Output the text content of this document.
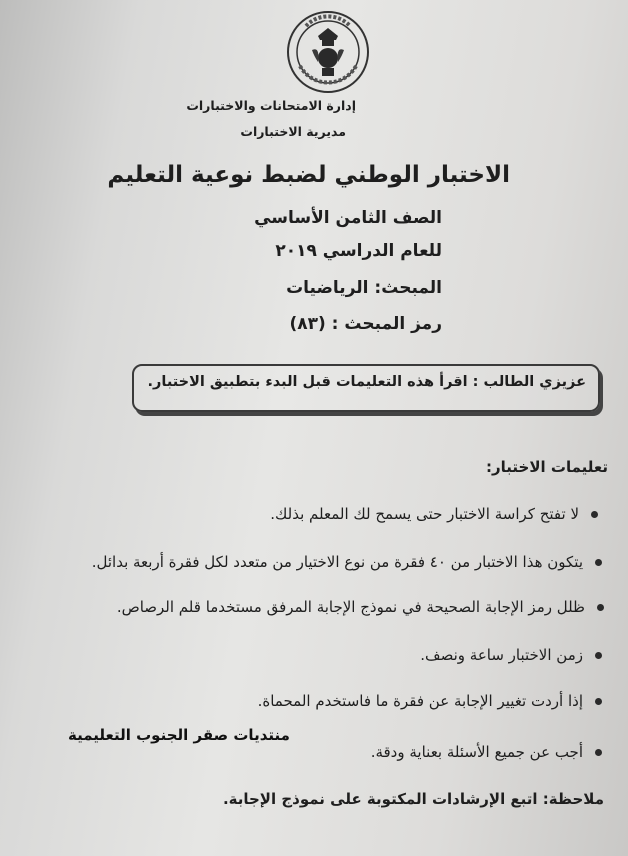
إدارة الامتحانات والاختبارات
مديرية الاختبارات
الاختبار الوطني لضبط نوعية التعليم
الصف الثامن الأساسي
للعام الدراسي ٢٠١٩
المبحث: الرياضيات
رمز المبحث : (٨٣)
عزيزي الطالب : اقرأ هذه التعليمات قبل البدء بتطبيق الاختبار.
تعليمات الاختبار:
لا تفتح كراسة الاختبار حتى يسمح لك المعلم بذلك.
يتكون هذا الاختبار من ٤٠ فقرة من نوع الاختيار من متعدد لكل فقرة أربعة بدائل.
ظلل رمز الإجابة الصحيحة في نموذج الإجابة المرفق مستخدما قلم الرصاص.
زمن الاختبار ساعة ونصف.
إذا أردت تغيير الإجابة عن فقرة ما فاستخدم المحماة.
أجب عن جميع الأسئلة بعناية ودقة.
منتديات صقر الجنوب التعليمية
ملاحظة: اتبع الإرشادات المكتوبة على نموذج الإجابة.
